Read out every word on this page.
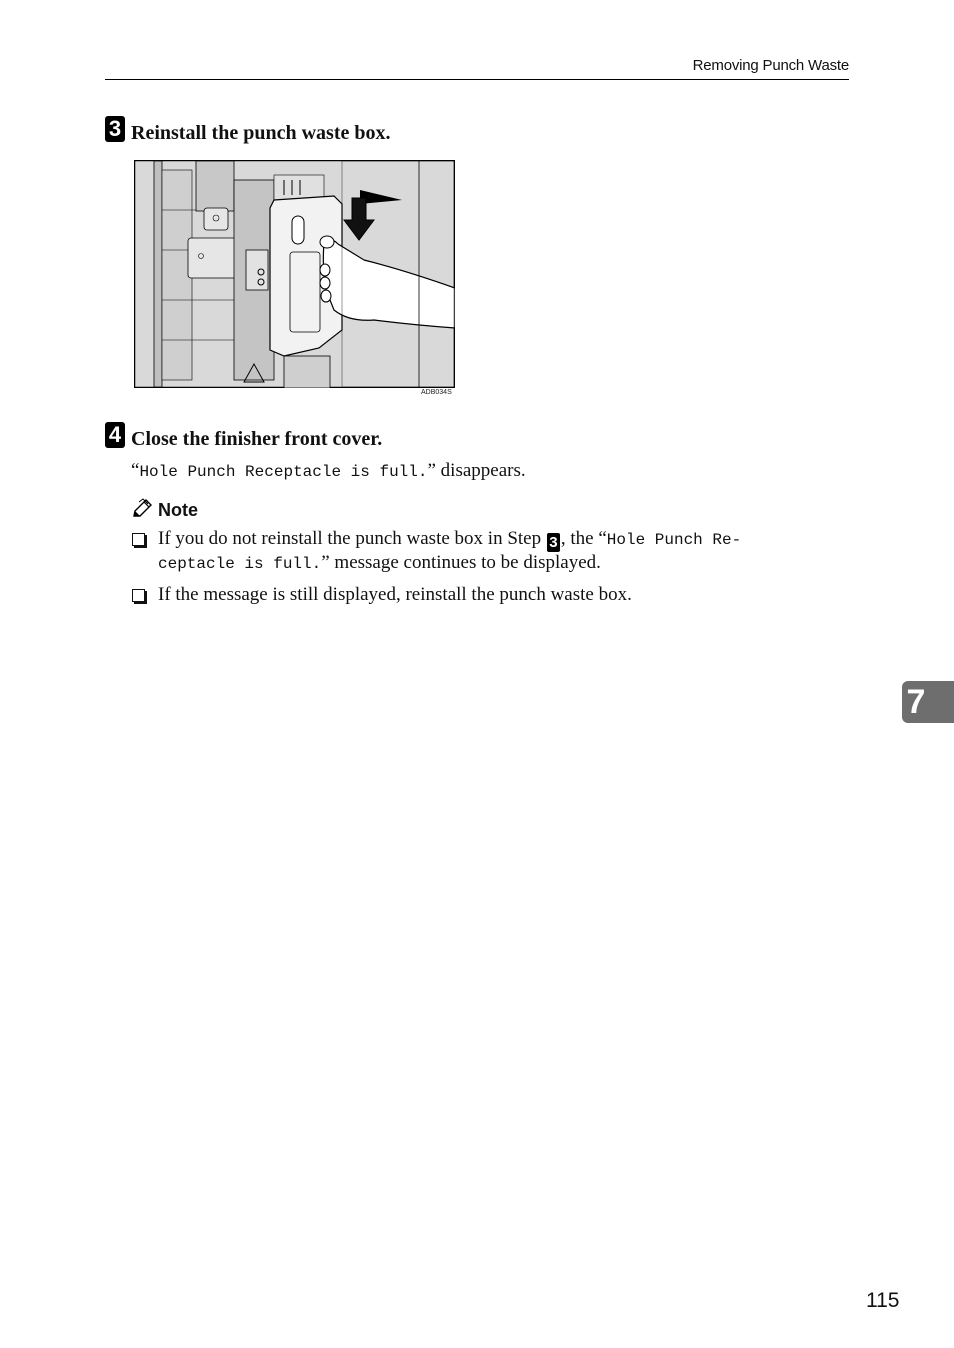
Removing Punch Waste
3 Reinstall the punch waste box.
ADB034S
4 Close the finisher front cover.
“Hole Punch Receptacle is full.” disappears.
Note
If you do not reinstall the punch waste box in Step 3 , the “Hole Punch Re-
ceptacle is full.” message continues to be displayed.
If the message is still displayed, reinstall the punch waste box.
7
115
